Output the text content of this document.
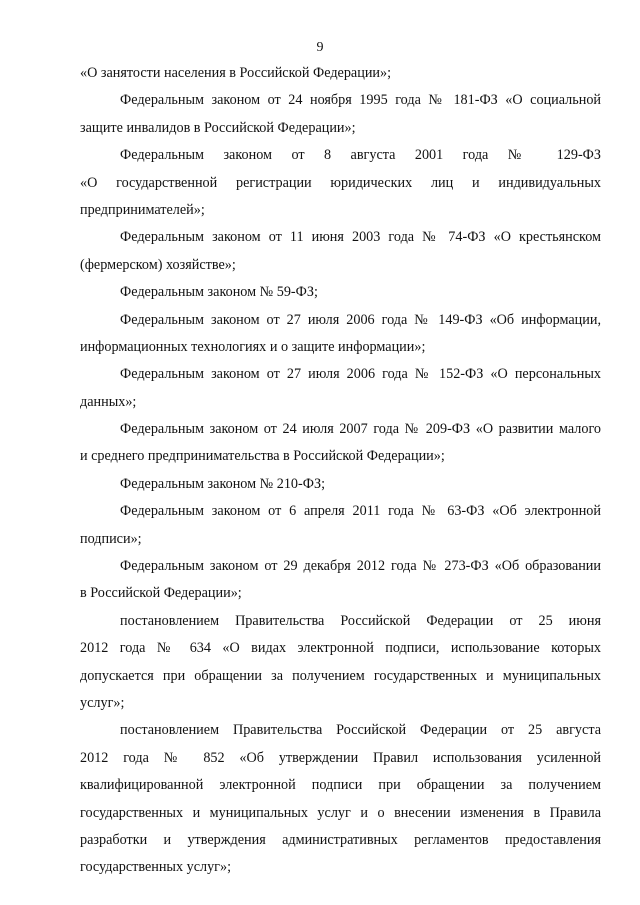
9
«О занятости населения в Российской Федерации»;
Федеральным законом от 24 ноября 1995 года № 181-ФЗ «О социальной
защите инвалидов в Российской Федерации»;
Федеральным законом от 8 августа 2001 года № 129-ФЗ
«О государственной регистрации юридических лиц и индивидуальных
предпринимателей»;
Федеральным законом от 11 июня 2003 года № 74-ФЗ «О крестьянском
(фермерском) хозяйстве»;
Федеральным законом № 59-ФЗ;
Федеральным законом от 27 июля 2006 года № 149-ФЗ «Об информации,
информационных технологиях и о защите информации»;
Федеральным законом от 27 июля 2006 года № 152-ФЗ «О персональных
данных»;
Федеральным законом от 24 июля 2007 года № 209-ФЗ «О развитии малого
и среднего предпринимательства в Российской Федерации»;
Федеральным законом № 210-ФЗ;
Федеральным законом от 6 апреля 2011 года № 63-ФЗ «Об электронной
подписи»;
Федеральным законом от 29 декабря 2012 года № 273-ФЗ «Об образовании
в Российской Федерации»;
постановлением Правительства Российской Федерации от 25 июня
2012 года № 634 «О видах электронной подписи, использование которых
допускается при обращении за получением государственных и муниципальных
услуг»;
постановлением Правительства Российской Федерации от 25 августа
2012 года № 852 «Об утверждении Правил использования усиленной
квалифицированной электронной подписи при обращении за получением
государственных и муниципальных услуг и о внесении изменения в Правила
разработки и утверждения административных регламентов предоставления
государственных услуг»;
